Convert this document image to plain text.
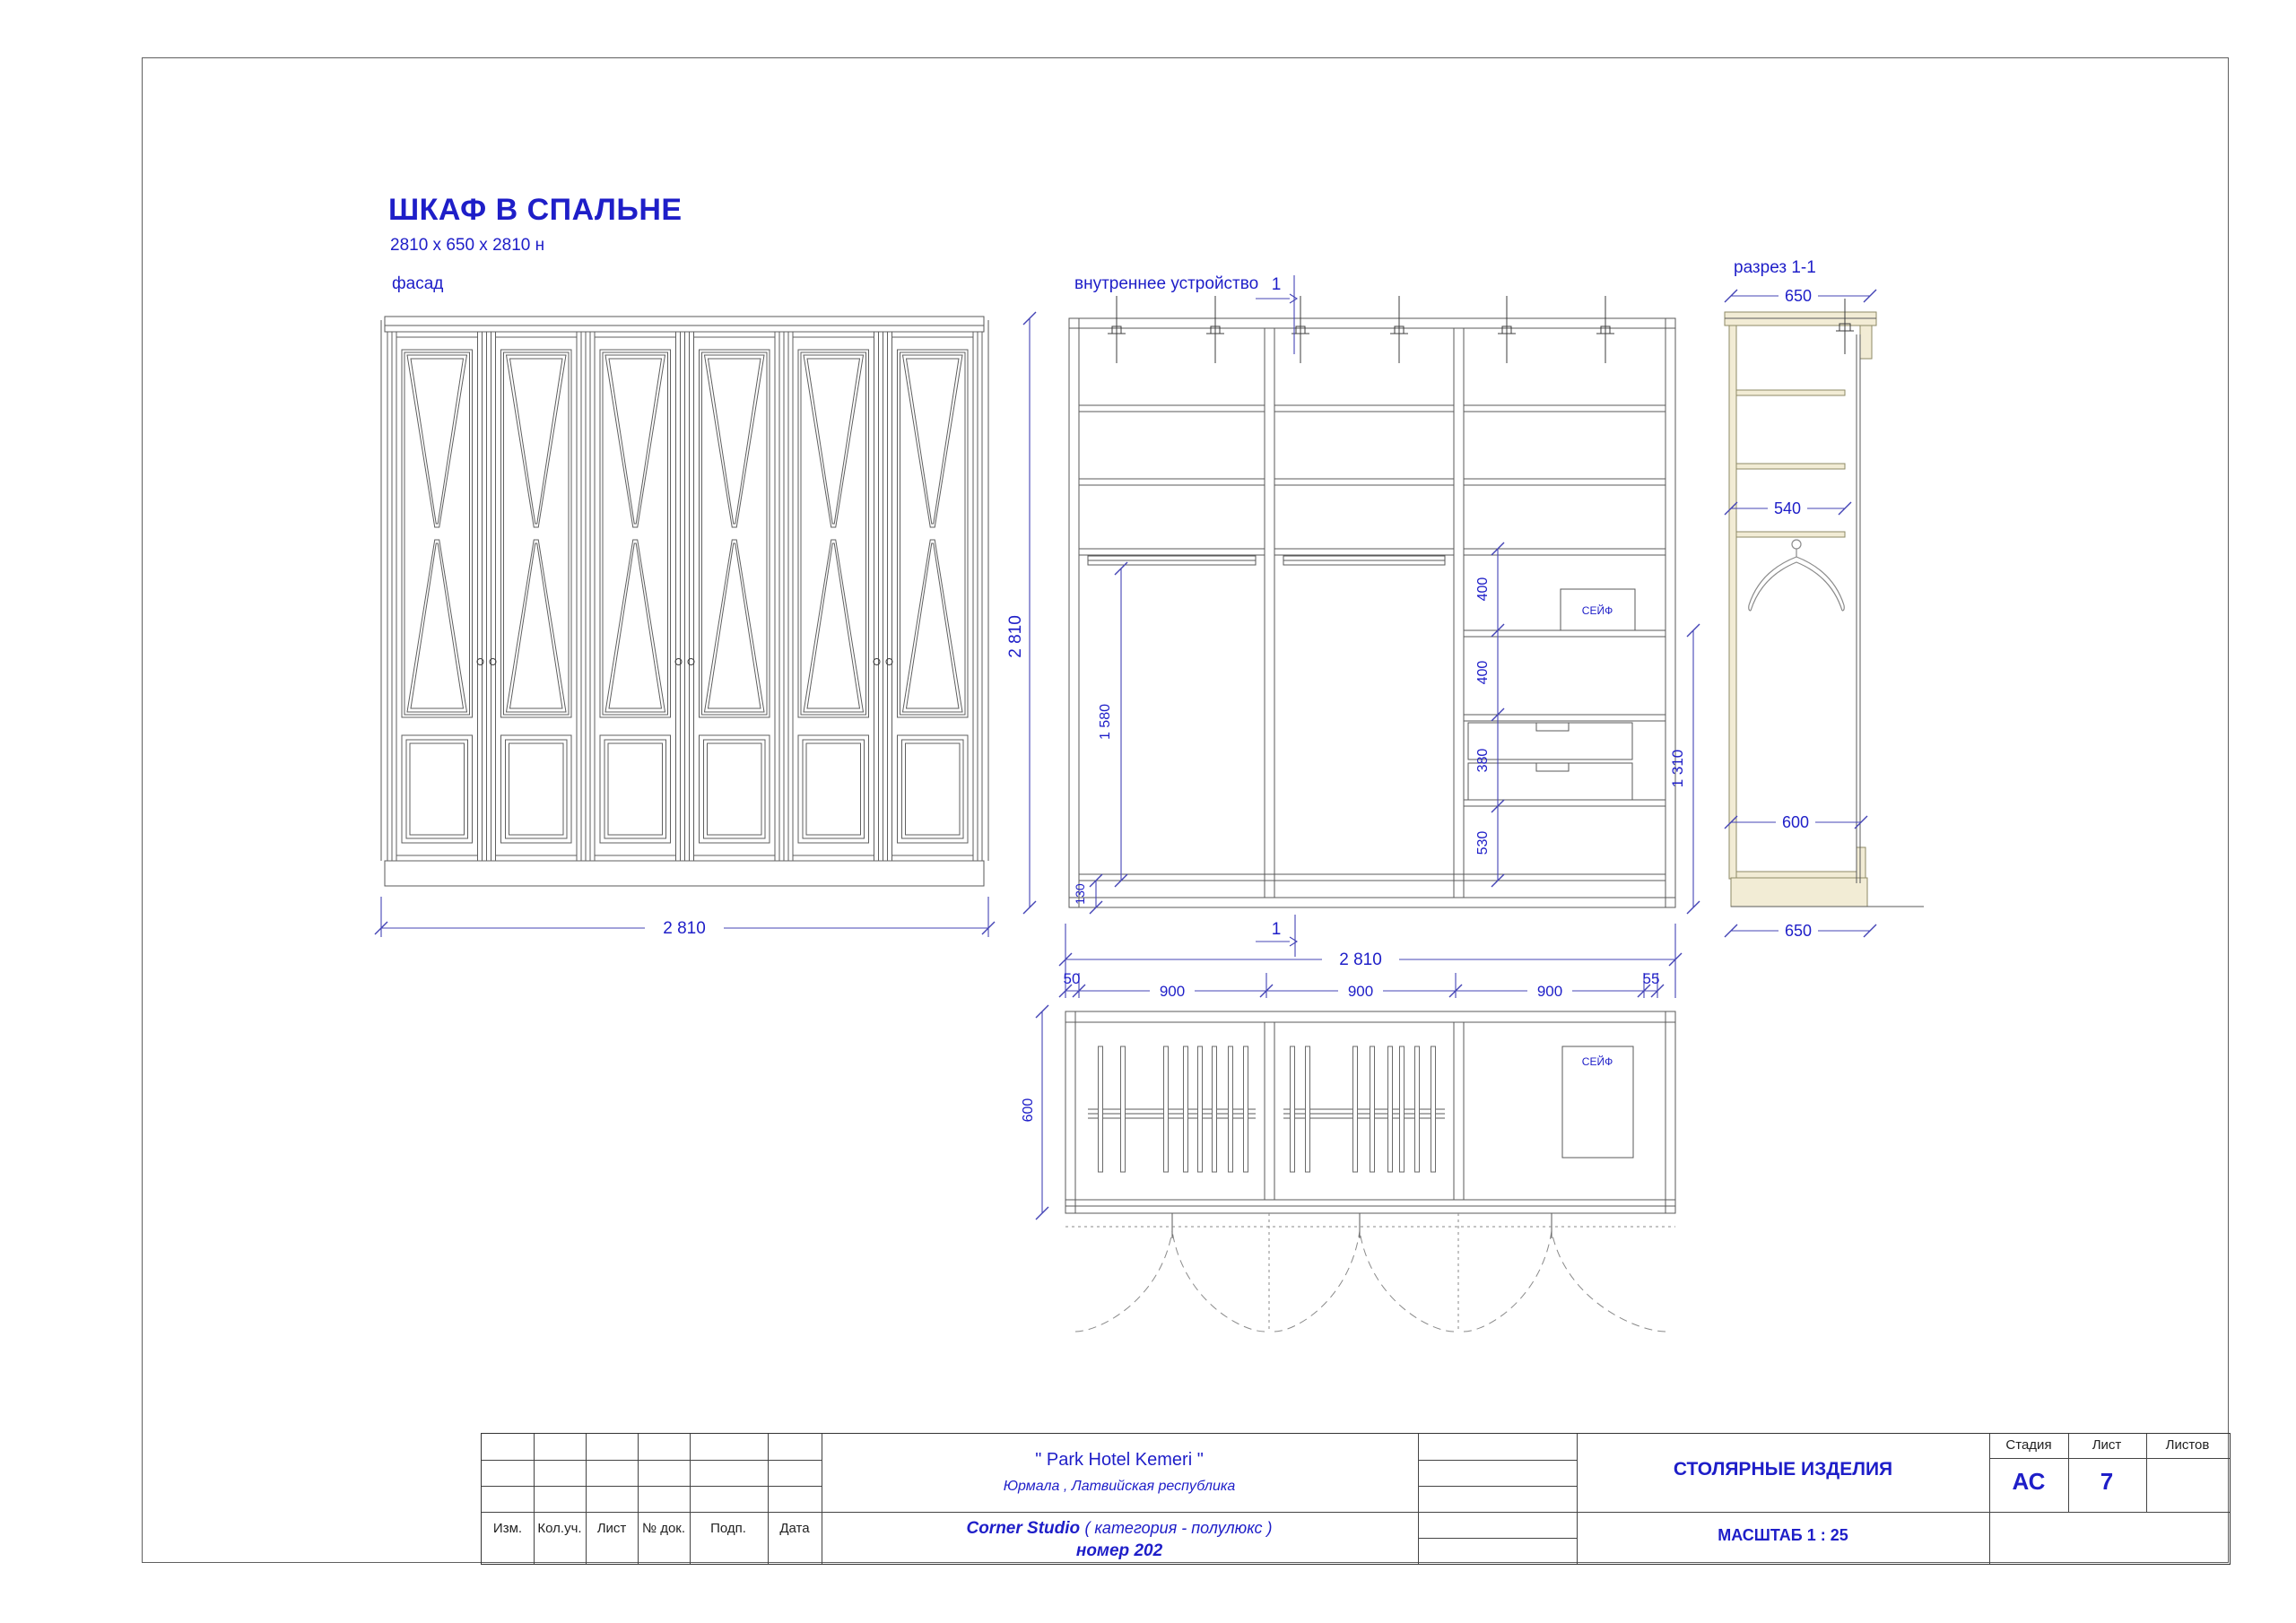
ШКАФ В СПАЛЬНЕ
2810 x 650 x 2810 н
фасад	внутреннее устройство
разрез 1-1
2 810
СЕЙФ
2 810
1 580
130
400
400
380
530
1 310
600
2 810
50
900	900	900
55
1
1
СЕЙФ
650
540
600
650
Изм. Кол.уч. Лист № док. Подп. Дата
" Park Hotel Kemeri "
Юрмала , Латвийская республика
Corner Studio ( категория - полулюкс )
номер 202
СТОЛЯРНЫЕ ИЗДЕЛИЯ
МАСШТАБ 1 : 25
Стадия	Лист	Листов
АС 7
